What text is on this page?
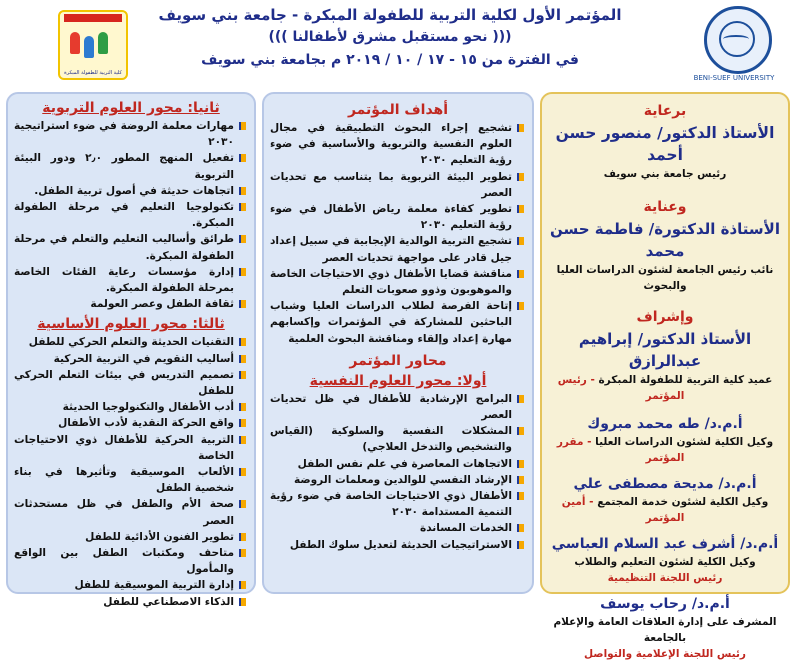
المؤتمر الأول لكلية التربية للطفولة المبكرة - جامعة بني سويف
((( نحو مستقبل مشرق لأطفالنا )))
في الفترة من ١٥ - ١٧ / ١٠ / ٢٠١٩ م بجامعة بني سويف
كلية التربية للطفولة المبكرة
BENI-SUEF UNIVERSITY
برعاية
الأستاذ الدكتور/ منصور حسن أحمد
رئيس جامعة بني سويف
وعناية
الأستاذة الدكتورة/ فاطمة حسن محمد
نائب رئيس الجامعة لشئون الدراسات العليا والبحوث
وإشراف
الأستاذ الدكتور/ إبراهيم عبدالرازق
عميد كلية التربية للطفولة المبكرة - رئيس المؤتمر
أ.م.د/ طه محمد مبروك
وكيل الكلية لشئون الدراسات العليا - مقرر المؤتمر
أ.م.د/ مديحة مصطفى علي
وكيل الكلية لشئون خدمة المجتمع - أمين المؤتمر
أ.م.د/ أشرف عبد السلام العباسي
وكيل الكلية لشئون التعليم والطلاب
رئيس اللجنة التنظيمية
أ.م.د/ رحاب يوسف
المشرف على إدارة العلاقات العامة والإعلام بالجامعة
رئيس اللجنة الإعلامية والتواصل
أهداف المؤتمر
تشجيع إجراء البحوث التطبيقية في مجال العلوم النفسية والتربوية والأساسية في ضوء رؤية التعليم ٢٠٣٠
تطوير البيئة التربوية بما يتناسب مع تحديات العصر
تطوير كفاءة معلمة رياض الأطفال في ضوء رؤية التعليم ٢٠٣٠
تشجيع التربية الوالدية الإيجابية في سبيل إعداد جيل قادر على مواجهة تحديات العصر
مناقشة قضايا الأطفال ذوي الاحتياجات الخاصة والموهوبون وذوو صعوبات التعلم
إتاحة الفرصة لطلاب الدراسات العليا وشباب الباحثين للمشاركة في المؤتمرات وإكسابهم مهارة إعداد وإلقاء ومناقشة البحوث العلمية
محاور المؤتمر
أولا: محور العلوم النفسية
البرامج الإرشادية للأطفال في ظل تحديات العصر
المشكلات النفسية والسلوكية (القياس والتشخيص والتدخل العلاجي)
الاتجاهات المعاصرة في علم نفس الطفل
الإرشاد النفسي للوالدين ومعلمات الروضة
الأطفال ذوي الاحتياجات الخاصة في ضوء رؤية التنمية المستدامة ٢٠٣٠
الخدمات المساندة
الاستراتيجيات الحديثة لتعديل سلوك الطفل
ثانيا: محور العلوم التربوية
مهارات معلمة الروضة في ضوء استراتيجية ٢٠٣٠
تفعيل المنهج المطور ٢٫٠ ودور البيئة التربوية
اتجاهات حديثة في أصول تربية الطفل.
تكنولوجيا التعليم في مرحلة الطفولة المبكرة.
طرائق وأساليب التعليم والتعلم في مرحلة الطفولة المبكرة.
إدارة مؤسسات رعاية الفئات الخاصة بمرحلة الطفولة المبكرة.
ثقافة الطفل وعصر العولمة
ثالثا: محور العلوم الأساسية
التقنيات الحديثة والتعلم الحركي للطفل
أساليب التقويم في التربية الحركية
تصميم التدريس في بيئات التعلم الحركي للطفل
أدب الأطفال والتكنولوجيا الحديثة
واقع الحركة النقدية لأدب الأطفال
التربية الحركية للأطفال ذوي الاحتياجات الخاصة
الألعاب الموسيقية وتأثيرها في بناء شخصية الطفل
صحة الأم والطفل في ظل مستحدثات العصر
تطوير الفنون الأدائية للطفل
متاحف ومكتبات الطفل بين الواقع والمأمول
إدارة التربية الموسيقية للطفل
الذكاء الاصطناعي للطفل
